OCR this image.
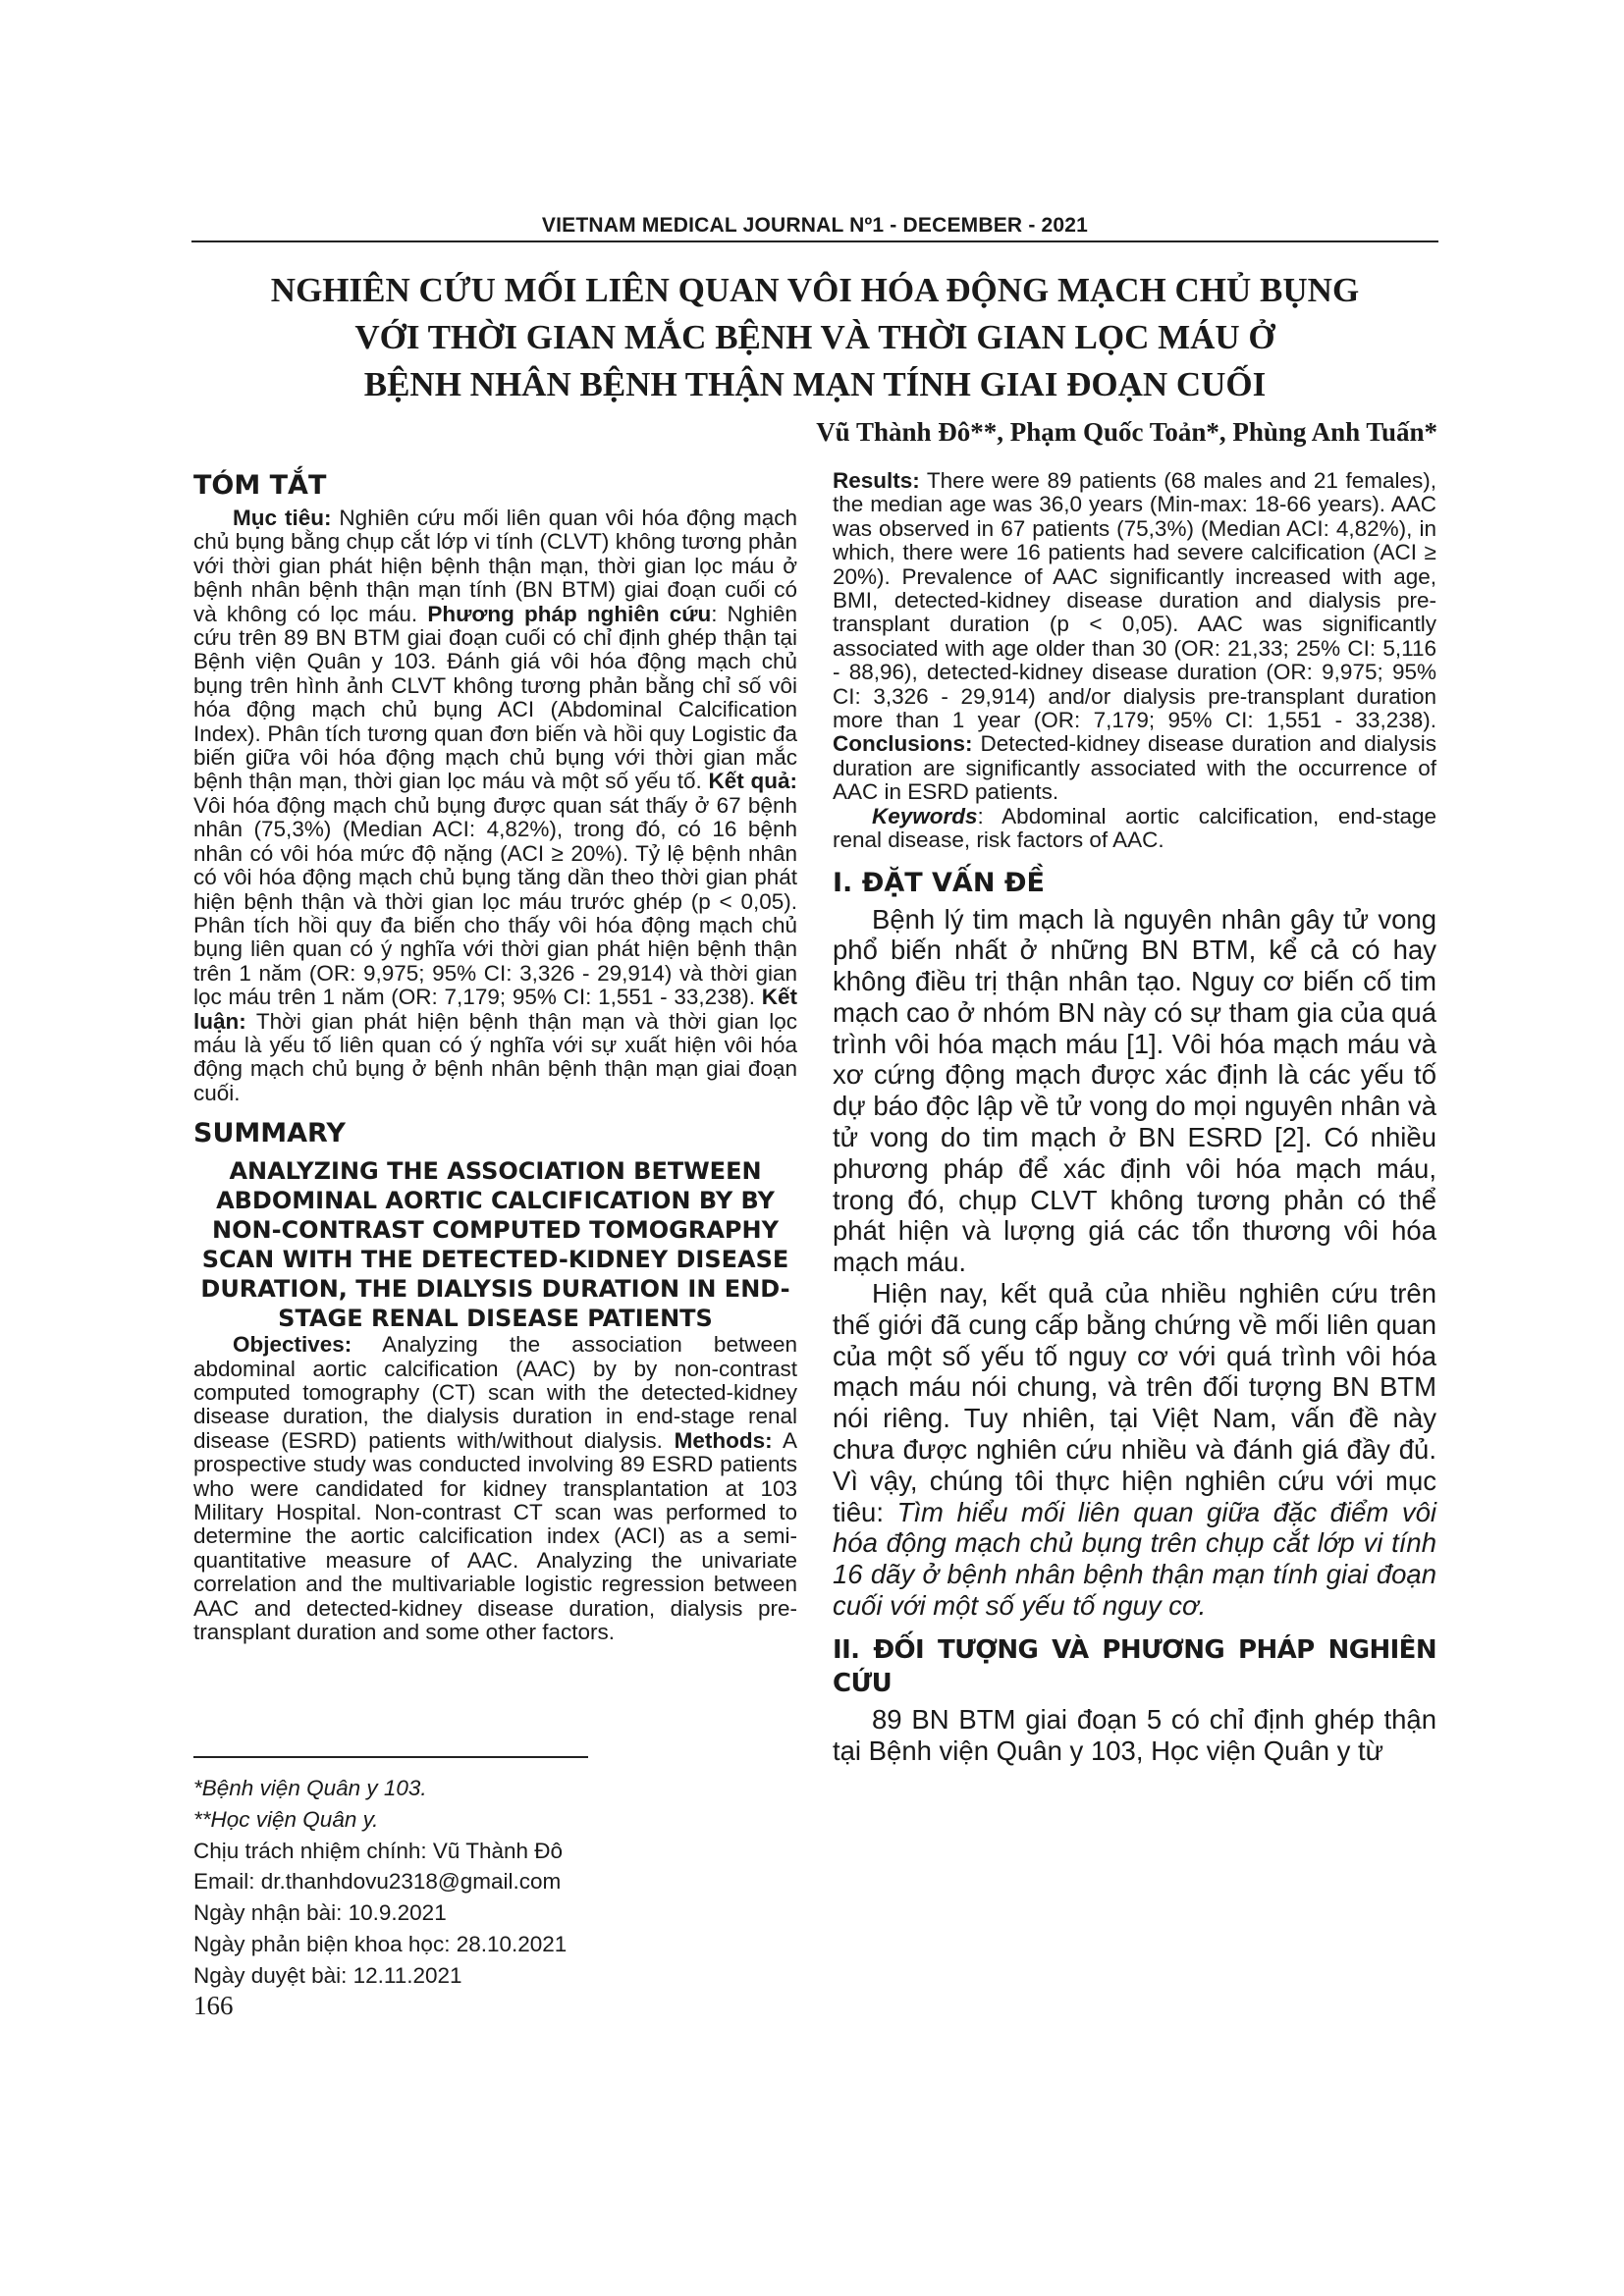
VIETNAM MEDICAL JOURNAL Nº1 - DECEMBER - 2021
NGHIÊN CỨU MỐI LIÊN QUAN VÔI HÓA ĐỘNG MẠCH CHỦ BỤNG
VỚI THỜI GIAN MẮC BỆNH VÀ THỜI GIAN LỌC MÁU Ở
BỆNH NHÂN BỆNH THẬN MẠN TÍNH GIAI ĐOẠN CUỐI
Vũ Thành Đô**, Phạm Quốc Toản*, Phùng Anh Tuấn*
TÓM TẮT

Mục tiêu: Nghiên cứu mối liên quan vôi hóa động mạch chủ bụng bằng chụp cắt lớp vi tính (CLVT) không tương phản với thời gian phát hiện bệnh thận mạn, thời gian lọc máu ở bệnh nhân bệnh thận mạn tính (BN BTM) giai đoạn cuối có và không có lọc máu. Phương pháp nghiên cứu: Nghiên cứu trên 89 BN BTM giai đoạn cuối có chỉ định ghép thận tại Bệnh viện Quân y 103. Đánh giá vôi hóa động mạch chủ bụng trên hình ảnh CLVT không tương phản bằng chỉ số vôi hóa động mạch chủ bụng ACI (Abdominal Calcification Index). Phân tích tương quan đơn biến và hồi quy Logistic đa biến giữa vôi hóa động mạch chủ bụng với thời gian mắc bệnh thận mạn, thời gian lọc máu và một số yếu tố. Kết quả: Vôi hóa động mạch chủ bụng được quan sát thấy ở 67 bệnh nhân (75,3%) (Median ACI: 4,82%), trong đó, có 16 bệnh nhân có vôi hóa mức độ nặng (ACI ≥ 20%). Tỷ lệ bệnh nhân có vôi hóa động mạch chủ bụng tăng dần theo thời gian phát hiện bệnh thận và thời gian lọc máu trước ghép (p < 0,05). Phân tích hồi quy đa biến cho thấy vôi hóa động mạch chủ bụng liên quan có ý nghĩa với thời gian phát hiện bệnh thận trên 1 năm (OR: 9,975; 95% CI: 3,326 - 29,914) và thời gian lọc máu trên 1 năm (OR: 7,179; 95% CI: 1,551 - 33,238). Kết luận: Thời gian phát hiện bệnh thận mạn và thời gian lọc máu là yếu tố liên quan có ý nghĩa với sự xuất hiện vôi hóa động mạch chủ bụng ở bệnh nhân bệnh thận mạn giai đoạn cuối.

SUMMARY
ANALYZING THE ASSOCIATION BETWEEN ABDOMINAL AORTIC CALCIFICATION BY BY NON-CONTRAST COMPUTED TOMOGRAPHY SCAN WITH THE DETECTED-KIDNEY DISEASE DURATION, THE DIALYSIS DURATION IN END-STAGE RENAL DISEASE PATIENTS

Objectives: Analyzing the association between abdominal aortic calcification (AAC) by by non-contrast computed tomography (CT) scan with the detected-kidney disease duration, the dialysis duration in end-stage renal disease (ESRD) patients with/without dialysis. Methods: A prospective study was conducted involving 89 ESRD patients who were candidated for kidney transplantation at 103 Military Hospital. Non-contrast CT scan was performed to determine the aortic calcification index (ACI) as a semi-quantitative measure of AAC. Analyzing the univariate correlation and the multivariable logistic regression between AAC and detected-kidney disease duration, dialysis pre-transplant duration and some other factors.

Results: There were 89 patients (68 males and 21 females), the median age was 36,0 years (Min-max: 18-66 years). AAC was observed in 67 patients (75,3%) (Median ACI: 4,82%), in which, there were 16 patients had severe calcification (ACI ≥ 20%). Prevalence of AAC significantly increased with age, BMI, detected-kidney disease duration and dialysis pre-transplant duration (p < 0,05). AAC was significantly associated with age older than 30 (OR: 21,33; 25% CI: 5,116 - 88,96), detected-kidney disease duration (OR: 9,975; 95% CI: 3,326 - 29,914) and/or dialysis pre-transplant duration more than 1 year (OR: 7,179; 95% CI: 1,551 - 33,238). Conclusions: Detected-kidney disease duration and dialysis duration are significantly associated with the occurrence of AAC in ESRD patients.

Keywords: Abdominal aortic calcification, end-stage renal disease, risk factors of AAC.

I. ĐẶT VẤN ĐỀ

Bệnh lý tim mạch là nguyên nhân gây tử vong phổ biến nhất ở những BN BTM, kể cả có hay không điều trị thận nhân tạo. Nguy cơ biến cố tim mạch cao ở nhóm BN này có sự tham gia của quá trình vôi hóa mạch máu [1]. Vôi hóa mạch máu và xơ cứng động mạch được xác định là các yếu tố dự báo độc lập về tử vong do mọi nguyên nhân và tử vong do tim mạch ở BN ESRD [2]. Có nhiều phương pháp để xác định vôi hóa mạch máu, trong đó, chụp CLVT không tương phản có thể phát hiện và lượng giá các tổn thương vôi hóa mạch máu.

Hiện nay, kết quả của nhiều nghiên cứu trên thế giới đã cung cấp bằng chứng về mối liên quan của một số yếu tố nguy cơ với quá trình vôi hóa mạch máu nói chung, và trên đối tượng BN BTM nói riêng. Tuy nhiên, tại Việt Nam, vấn đề này chưa được nghiên cứu nhiều và đánh giá đầy đủ. Vì vậy, chúng tôi thực hiện nghiên cứu với mục tiêu: Tìm hiểu mối liên quan giữa đặc điểm vôi hóa động mạch chủ bụng trên chụp cắt lớp vi tính 16 dãy ở bệnh nhân bệnh thận mạn tính giai đoạn cuối với một số yếu tố nguy cơ.

II. ĐỐI TƯỢNG VÀ PHƯƠNG PHÁP NGHIÊN CỨU

89 BN BTM giai đoạn 5 có chỉ định ghép thận tại Bệnh viện Quân y 103, Học viện Quân y từ

*Bệnh viện Quân y 103.
**Học viện Quân y.
Chịu trách nhiệm chính: Vũ Thành Đô
Email: dr.thanhdovu2318@gmail.com
Ngày nhận bài: 10.9.2021
Ngày phản biện khoa học: 28.10.2021
Ngày duyệt bài: 12.11.2021
166
